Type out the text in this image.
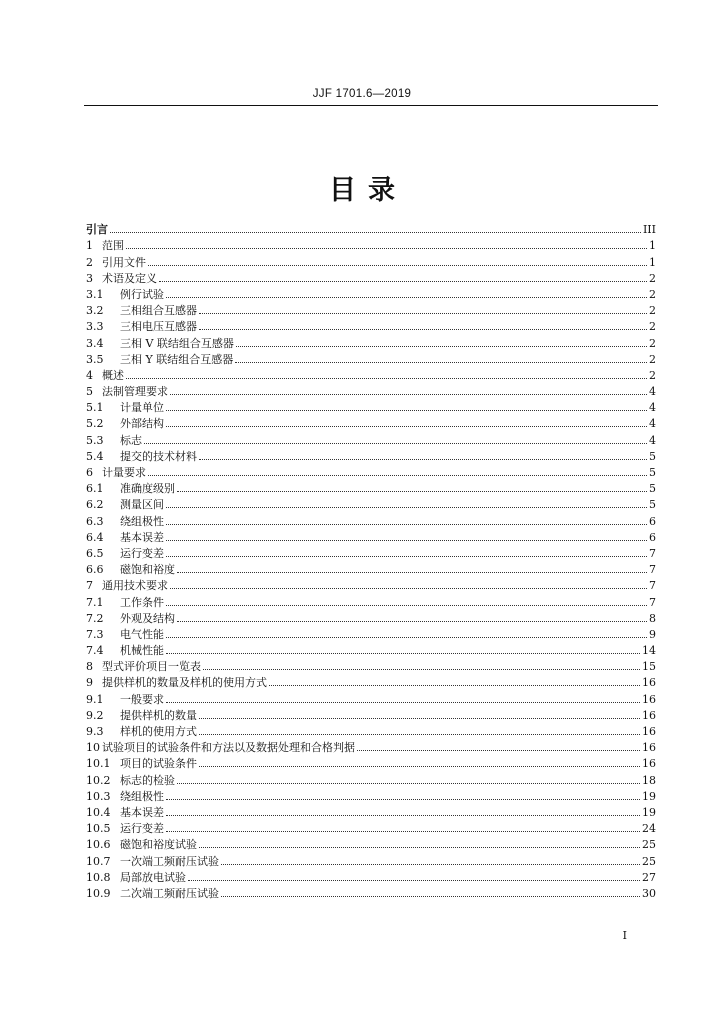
JJF 1701.6—2019
目录
引言	III
1 范围	1
2 引用文件	1
3 术语及定义	2
3.1	例行试验	2
3.2	三相组合互感器	2
3.3	三相电压互感器	2
3.4	三相 V 联结组合互感器	2
3.5	三相 Y 联结组合互感器	2
4 概述	2
5 法制管理要求	4
5.1	计量单位	4
5.2	外部结构	4
5.3	标志	4
5.4	提交的技术材料	5
6 计量要求	5
6.1	准确度级别	5
6.2	测量区间	5
6.3	绕组极性	6
6.4	基本误差	6
6.5	运行变差	7
6.6	磁饱和裕度	7
7 通用技术要求	7
7.1	工作条件	7
7.2	外观及结构	8
7.3	电气性能	9
7.4	机械性能	14
8 型式评价项目一览表	15
9 提供样机的数量及样机的使用方式	16
9.1	一般要求	16
9.2	提供样机的数量	16
9.3	样机的使用方式	16
10 试验项目的试验条件和方法以及数据处理和合格判据	16
10.1 项目的试验条件	16
10.2 标志的检验	18
10.3 绕组极性	19
10.4 基本误差	19
10.5 运行变差	24
10.6 磁饱和裕度试验	25
10.7 一次端工频耐压试验	25
10.8 局部放电试验	27
10.9 二次端工频耐压试验	30
I
